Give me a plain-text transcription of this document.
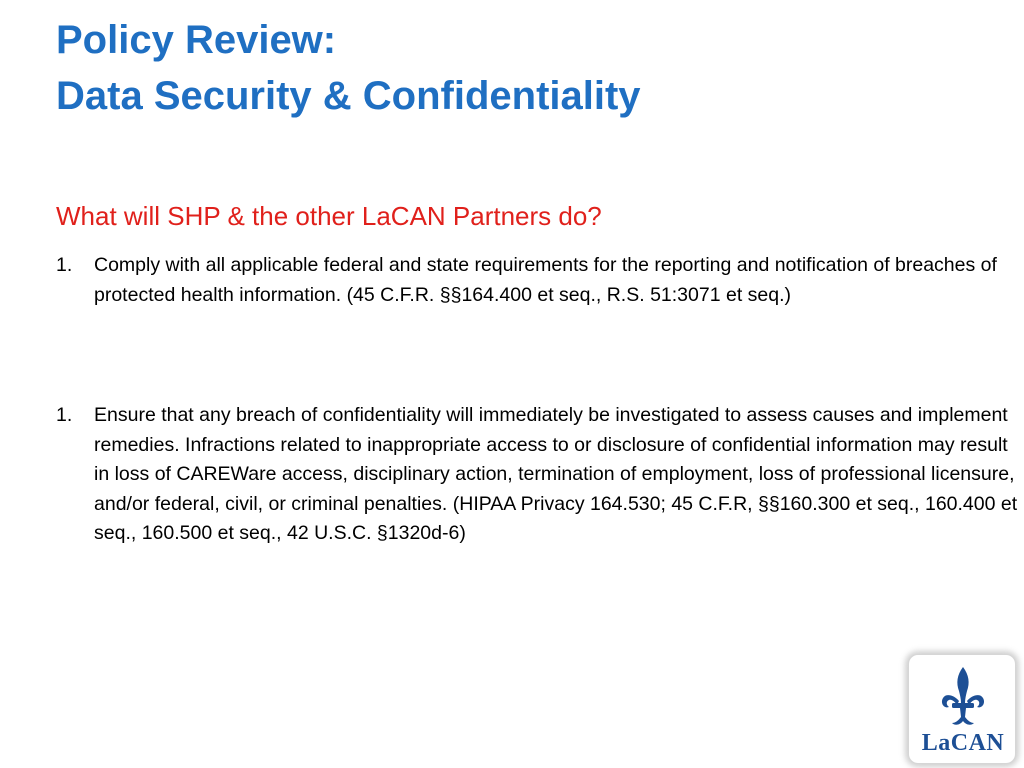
Policy Review:
Data Security & Confidentiality
What will SHP & the other LaCAN Partners do?
1.	Comply with all applicable federal and state requirements for the reporting and notification of breaches of protected health information. (45 C.F.R. §§164.400 et seq., R.S. 51:3071 et seq.)
1.	Ensure that any breach of confidentiality will immediately be investigated to assess causes and implement remedies. Infractions related to inappropriate access to or disclosure of confidential information may result in loss of CAREWare access, disciplinary action, termination of employment, loss of professional licensure, and/or federal, civil, or criminal penalties. (HIPAA Privacy 164.530; 45 C.F.R, §§160.300 et seq., 160.400 et seq., 160.500 et seq., 42 U.S.C. §1320d-6)
LaCAN
